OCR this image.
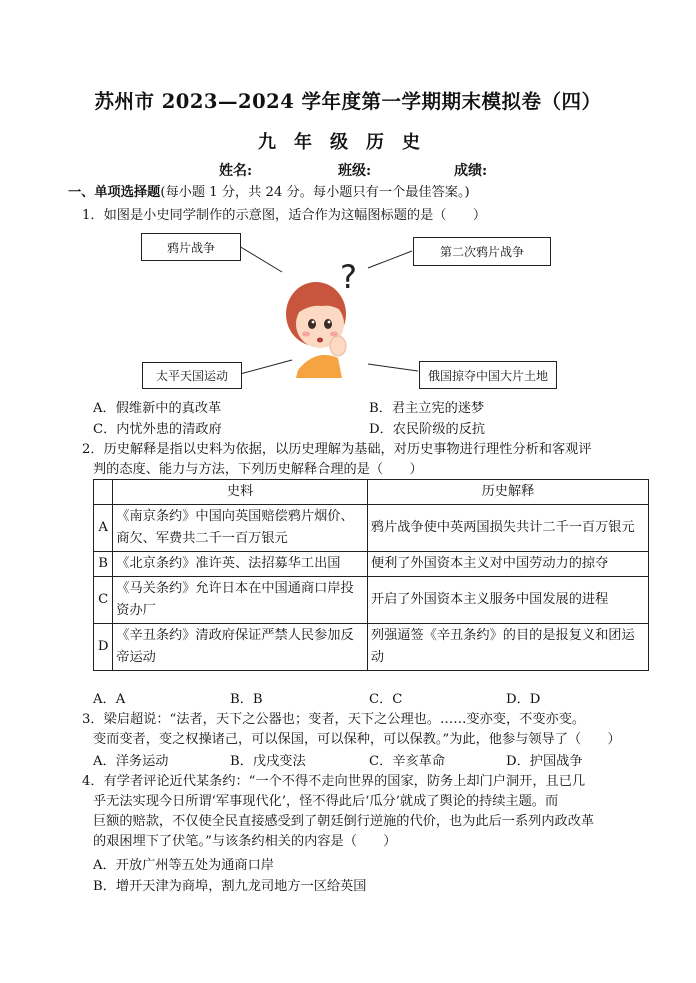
苏州市 2023—2024 学年度第一学期期末模拟卷（四）
九年级历史
姓名:	班级:	成绩:
一、单项选择题(每小题 1 分，共 24 分。每小题只有一个最佳答案。)
1．如图是小史同学制作的示意图，适合作为这幅图标题的是（　　）
鸦片战争	第二次鸦片战争
太平天国运动	俄国掠夺中国大片土地
?
A．假维新中的真改革	B．君主立宪的迷梦
C．内忧外患的清政府	D．农民阶级的反抗
2．历史解释是指以史料为依据，以历史理解为基础，对历史事物进行理性分析和客观评
判的态度、能力与方法，下列历史解释合理的是（　　）
	史料	历史解释
A	《南京条约》中国向英国赔偿鸦片烟价、商欠、军费共二千一百万银元	鸦片战争使中英两国损失共计二千一百万银元
B	《北京条约》准许英、法招募华工出国	便利了外国资本主义对中国劳动力的掠夺
C	《马关条约》允许日本在中国通商口岸投资办厂	开启了外国资本主义服务中国发展的进程
D	《辛丑条约》清政府保证严禁人民参加反帝运动	列强逼签《辛丑条约》的目的是报复义和团运动
A．A	B．B	C．C	D．D
3．梁启超说：“法者，天下之公器也；变者，天下之公理也。……变亦变，不变亦变。
变而变者，变之权操诸己，可以保国，可以保种，可以保教。”为此，他参与领导了（　　）
A．洋务运动	B．戊戌变法	C．辛亥革命	D．护国战争
4．有学者评论近代某条约：“一个不得不走向世界的国家，防务上却门户洞开，且已几
乎无法实现今日所谓‘军事现代化’，怪不得此后‘瓜分’就成了舆论的持续主题。而
巨额的赔款，不仅使全民直接感受到了朝廷倒行逆施的代价，也为此后一系列内政改革
的艰困埋下了伏笔。”与该条约相关的内容是（　　）
A．开放广州等五处为通商口岸
B．增开天津为商埠，割九龙司地方一区给英国
